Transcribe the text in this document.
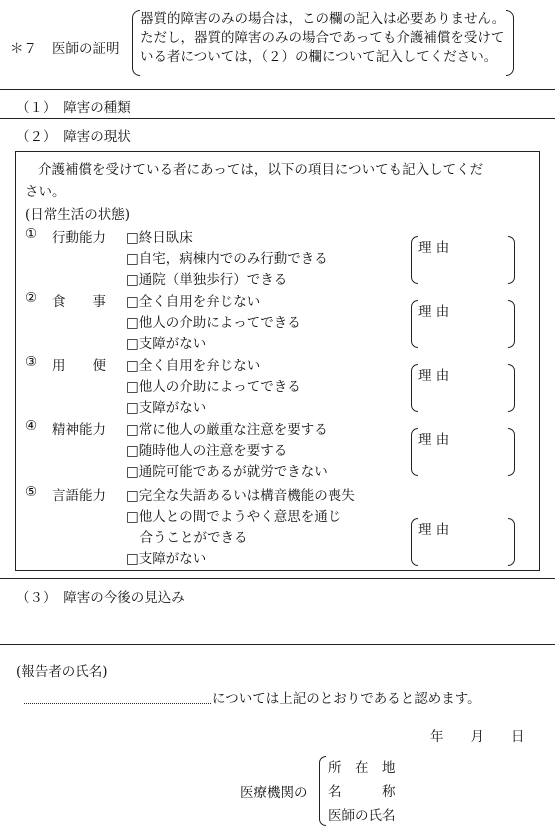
＊７ 医師の証明
器質的障害のみの場合は，この欄の記入は必要ありません。ただし，器質的障害のみの場合であっても介護補償を受けている者については，（２）の欄について記入してください。
（１）　障害の種類
（２）　障害の現状
介護補償を受けている者にあっては，以下の項目についても記入してくだ
さい。
(日常生活の状態)
① 行動能力 □終日臥床
□自宅，病棟内でのみ行動できる
□通院（単独歩行）できる
理 由
② 食　　事 □全く自用を弁じない
□他人の介助によってできる
□支障がない
理 由
③ 用　　便 □全く自用を弁じない
□他人の介助によってできる
□支障がない
理 由
④ 精神能力 □常に他人の厳重な注意を要する
□随時他人の注意を要する
□通院可能であるが就労できない
理 由
⑤ 言語能力 □完全な失語あるいは構音機能の喪失
□他人との間でようやく意思を通じ
　合うことができる
□支障がない
理 由
（３）　障害の今後の見込み
(報告者の氏名)
については上記のとおりであると認めます。
年　　月　　日
医療機関の
所　在　地
名　　　称
医師の氏名
